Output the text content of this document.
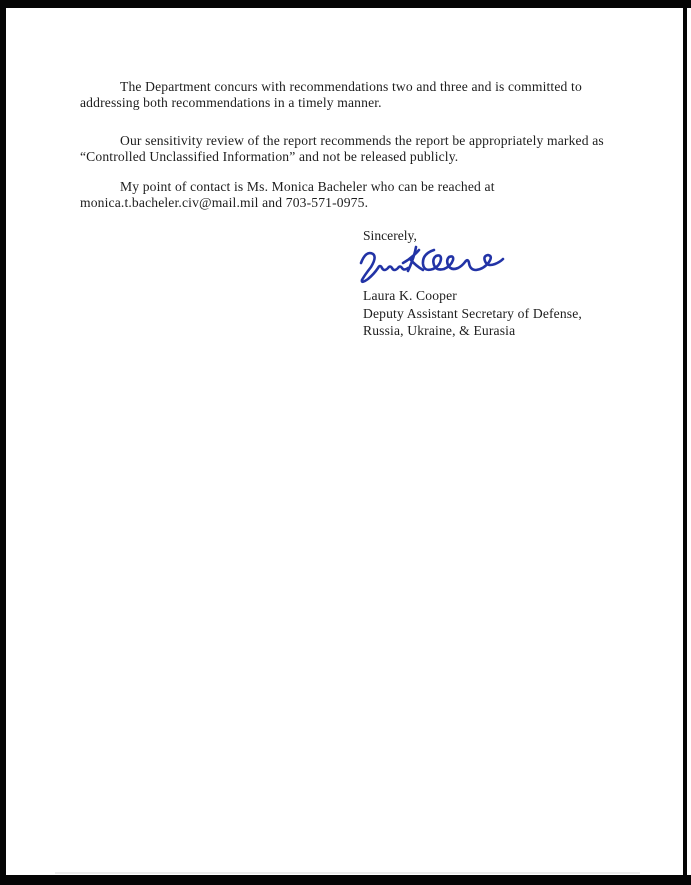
The Department concurs with recommendations two and three and is committed to
addressing both recommendations in a timely manner.
Our sensitivity review of the report recommends the report be appropriately marked as
“Controlled Unclassified Information” and not be released publicly.
My point of contact is Ms. Monica Bacheler who can be reached at
monica.t.bacheler.civ@mail.mil and 703-571-0975.
Sincerely,
Laura K. Cooper
Deputy Assistant Secretary of Defense,
Russia, Ukraine, & Eurasia
